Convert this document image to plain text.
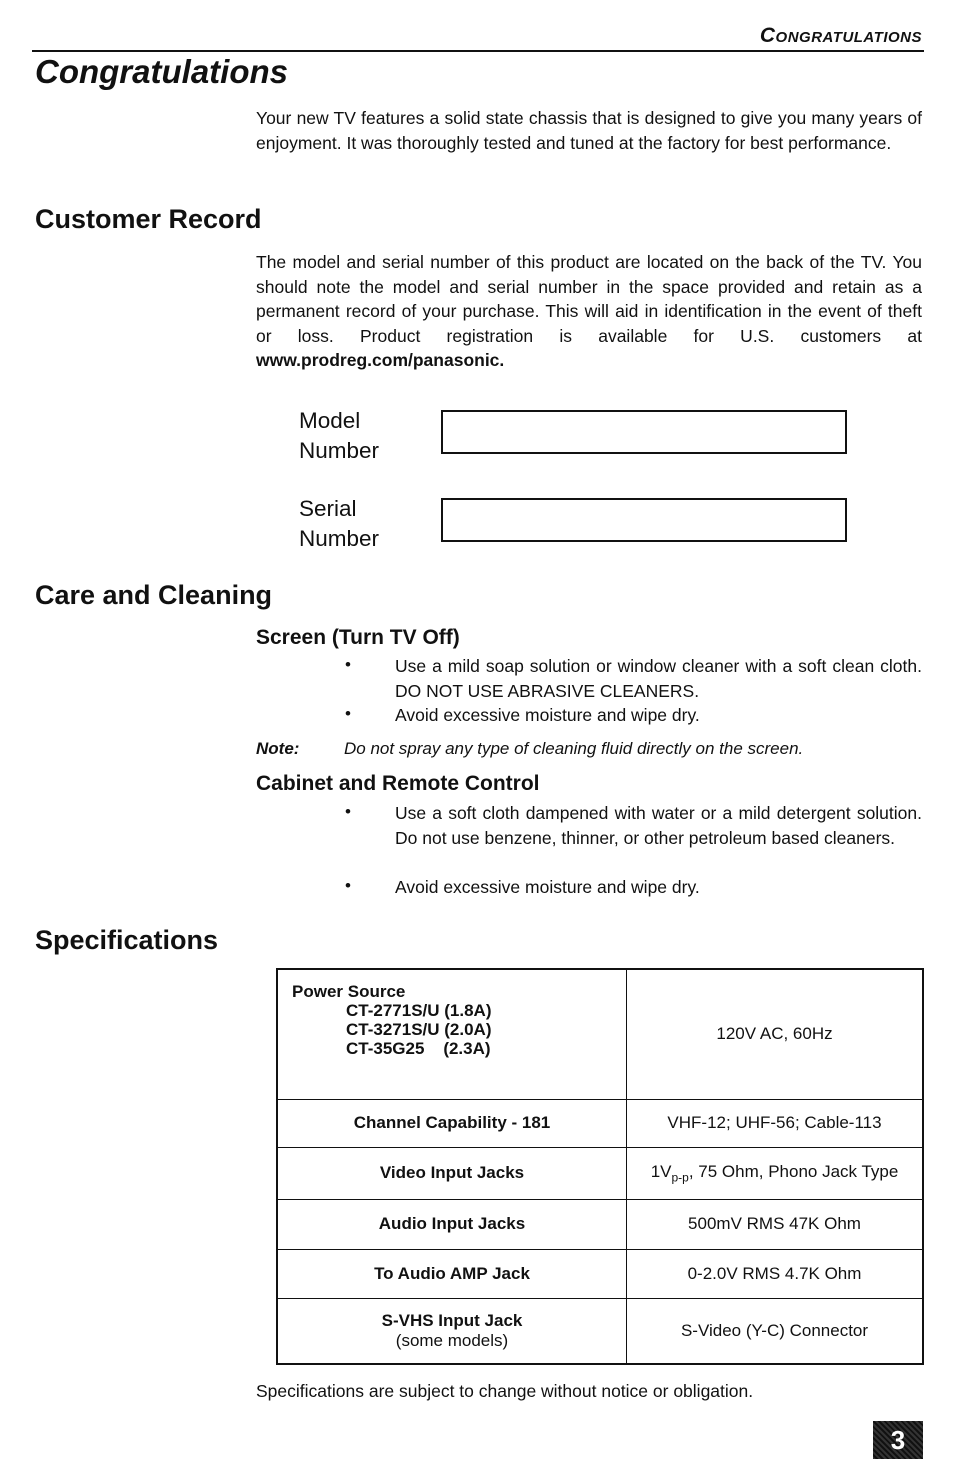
Congratulations
Congratulations
Your new TV features a solid state chassis that is designed to give you many years of enjoyment. It was thoroughly tested and tuned at the factory for best performance.
Customer Record
The model and serial number of this product are located on the back of the TV. You should note the model and serial number in the space provided and retain as a permanent record of your purchase. This will aid in identification in the event of theft or loss. Product registration is available for U.S. customers at www.prodreg.com/panasonic.
Model
Number
Serial
Number
Care and Cleaning
Screen (Turn TV Off)
•	Use a mild soap solution or window cleaner with a soft clean cloth. DO NOT USE ABRASIVE CLEANERS.
•	Avoid excessive moisture and wipe dry.
Note:	Do not spray any type of cleaning fluid directly on the screen.
Cabinet and Remote Control
•	Use a soft cloth dampened with water or a mild detergent solution. Do not use benzene, thinner, or other petroleum based cleaners.
•	Avoid excessive moisture and wipe dry.
Specifications
Power Source
CT-2771S/U (1.8A)
CT-3271S/U (2.0A)
CT-35G25    (2.3A)	120V AC, 60Hz
Channel Capability - 181	VHF-12; UHF-56; Cable-113
Video Input Jacks	$1V_{p-p}$, 75 Ohm, Phono Jack Type
Audio Input Jacks	500mV RMS 47K Ohm
To Audio AMP Jack	0-2.0V RMS 4.7K Ohm

S-VHS Input Jack
(some models)	S-Video (Y-C) Connector
Specifications are subject to change without notice or obligation.
3
